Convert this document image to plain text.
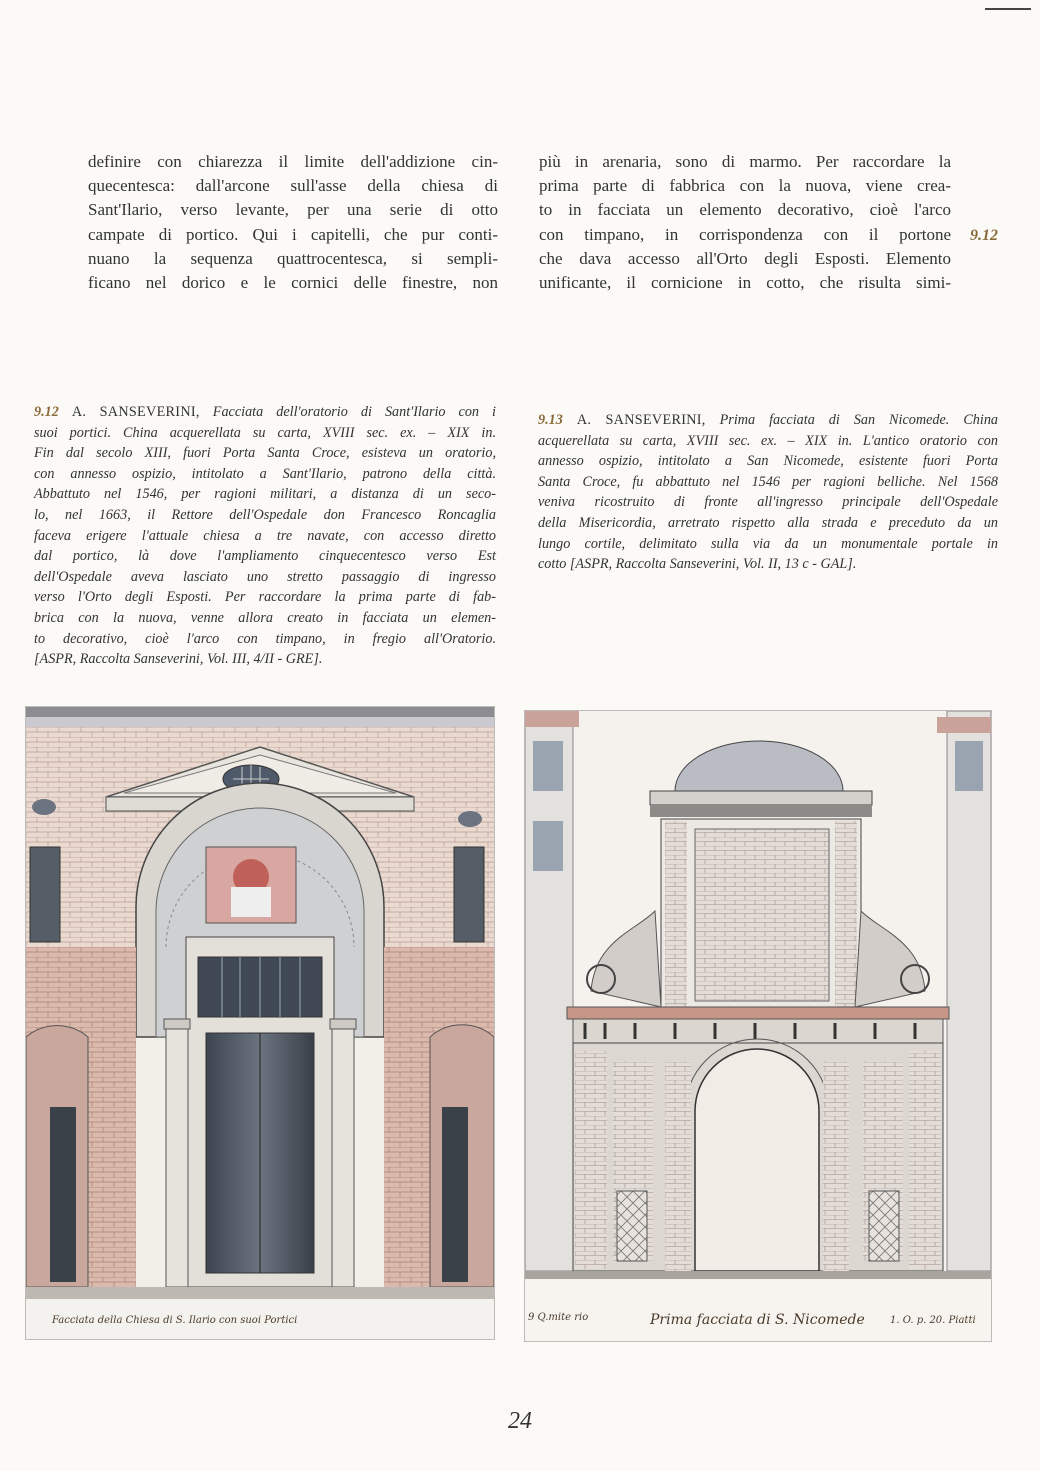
definire con chiarezza il limite dell'addizione cin-
quecentesca: dall'arcone sull'asse della chiesa di
Sant'Ilario, verso levante, per una serie di otto
campate di portico. Qui i capitelli, che pur conti-
nuano la sequenza quattrocentesca, si sempli-
ficano nel dorico e le cornici delle finestre, non
più in arenaria, sono di marmo. Per raccordare la
prima parte di fabbrica con la nuova, viene crea-
to in facciata un elemento decorativo, cioè l'arco
con timpano, in corrispondenza con il portone
che dava accesso all'Orto degli Esposti. Elemento
unificante, il cornicione in cotto, che risulta simi-
9.12
9.12 A. SANSEVERINI, Facciata dell'oratorio di Sant'Ilario con i
suoi portici. China acquerellata su carta, XVIII sec. ex. – XIX in.
Fin dal secolo XIII, fuori Porta Santa Croce, esisteva un oratorio,
con annesso ospizio, intitolato a Sant'Ilario, patrono della città.
Abbattuto nel 1546, per ragioni militari, a distanza di un seco-
lo, nel 1663, il Rettore dell'Ospedale don Francesco Roncaglia
faceva erigere l'attuale chiesa a tre navate, con accesso diretto
dal portico, là dove l'ampliamento cinquecentesco verso Est
dell'Ospedale aveva lasciato uno stretto passaggio di ingresso
verso l'Orto degli Esposti. Per raccordare la prima parte di fab-
brica con la nuova, venne allora creato in facciata un elemen-
to decorativo, cioè l'arco con timpano, in fregio all'Oratorio.
[ASPR, Raccolta Sanseverini, Vol. III, 4/II - GRE].
9.13 A. SANSEVERINI, Prima facciata di San Nicomede. China
acquerellata su carta, XVIII sec. ex. – XIX in. L'antico oratorio con
annesso ospizio, intitolato a San Nicomede, esistente fuori Porta
Santa Croce, fu abbattuto nel 1546 per ragioni belliche. Nel 1568
veniva ricostruito di fronte all'ingresso principale dell'Ospedale
della Misericordia, arretrato rispetto alla strada e preceduto da un
lungo cortile, delimitato sulla via da un monumentale portale in
cotto [ASPR, Raccolta Sanseverini, Vol. II, 13 c - GAL].
Facciata della Chiesa di S. Ilario con suoi Portici	9 Q.mite rio	Prima facciata di S. Nicomede	1. O. p. 20. Piatti
24
